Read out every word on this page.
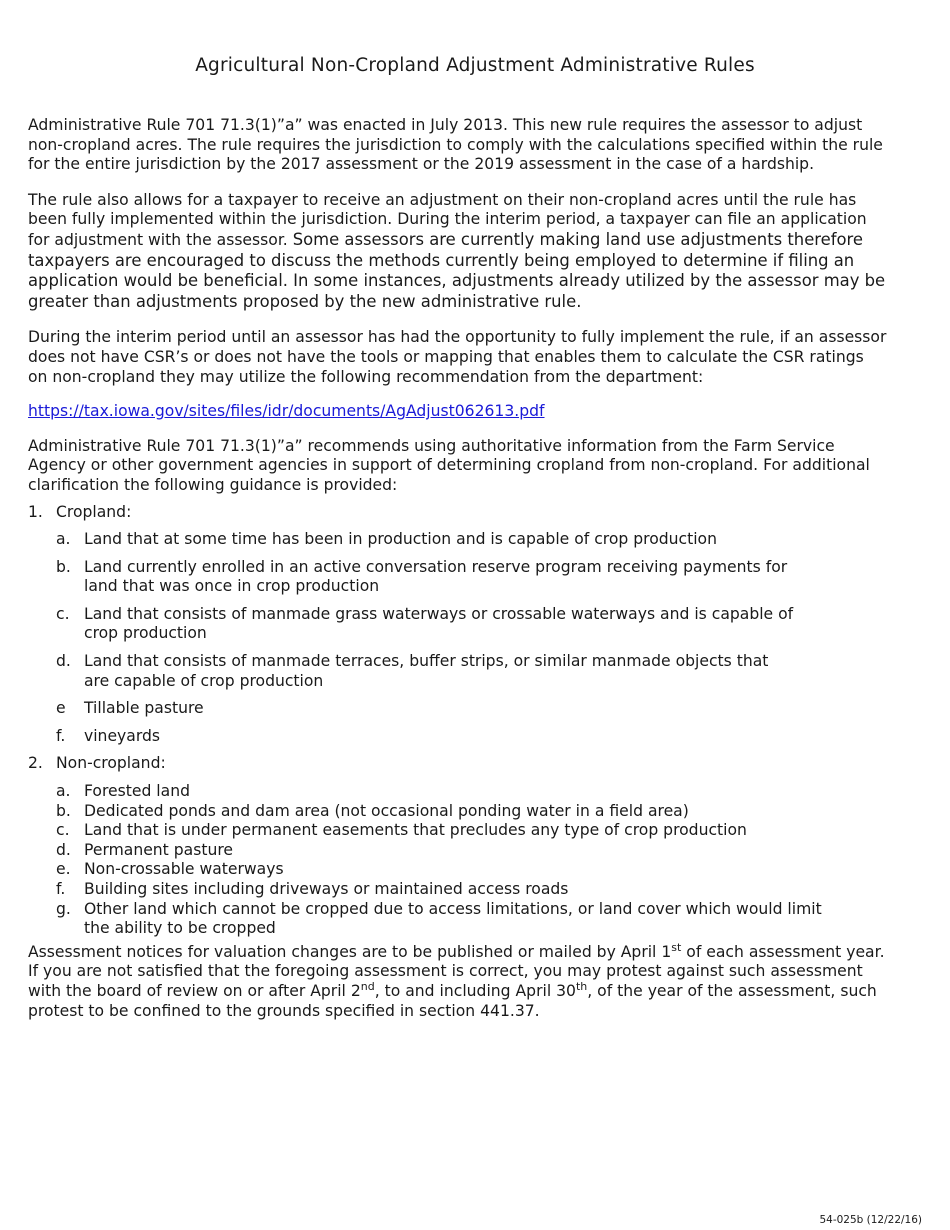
Agricultural Non-Cropland Adjustment Administrative Rules

Administrative Rule 701 71.3(1)”a” was enacted in July 2013. This new rule requires the assessor to adjust non-cropland acres. The rule requires the jurisdiction to comply with the calculations specified within the rule for the entire jurisdiction by the 2017 assessment or the 2019 assessment in the case of a hardship.

The rule also allows for a taxpayer to receive an adjustment on their non-cropland acres until the rule has been fully implemented within the jurisdiction. During the interim period, a taxpayer can file an application for adjustment with the assessor. Some assessors are currently making land use adjustments therefore taxpayers are encouraged to discuss the methods currently being employed to determine if filing an application would be beneficial. In some instances, adjustments already utilized by the assessor may be greater than adjustments proposed by the new administrative rule.

During the interim period until an assessor has had the opportunity to fully implement the rule, if an assessor does not have CSR’s or does not have the tools or mapping that enables them to calculate the CSR ratings on non-cropland they may utilize the following recommendation from the department:

https://tax.iowa.gov/sites/files/idr/documents/AgAdjust062613.pdf

Administrative Rule 701 71.3(1)”a” recommends using authoritative information from the Farm Service Agency or other government agencies in support of determining cropland from non-cropland. For additional clarification the following guidance is provided:

1. Cropland:
a. Land that at some time has been in production and is capable of crop production
b. Land currently enrolled in an active conversation reserve program receiving payments for land that was once in crop production
c. Land that consists of manmade grass waterways or crossable waterways and is capable of crop production
d. Land that consists of manmade terraces, buffer strips, or similar manmade objects that are capable of crop production
e	Tillable pasture
f.	vineyards
2. Non-cropland:
a. Forested land
b. Dedicated ponds and dam area (not occasional ponding water in a field area)
c. Land that is under permanent easements that precludes any type of crop production
d. Permanent pasture
e. Non-crossable waterways
f.	Building sites including driveways or maintained access roads
g. Other land which cannot be cropped due to access limitations, or land cover which would limit the ability to be cropped

Assessment notices for valuation changes are to be published or mailed by April 1st of each assessment year. If you are not satisfied that the foregoing assessment is correct, you may protest against such assessment with the board of review on or after April 2nd, to and including April 30th, of the year of the assessment, such protest to be confined to the grounds specified in section 441.37.

54-025b (12/22/16)
